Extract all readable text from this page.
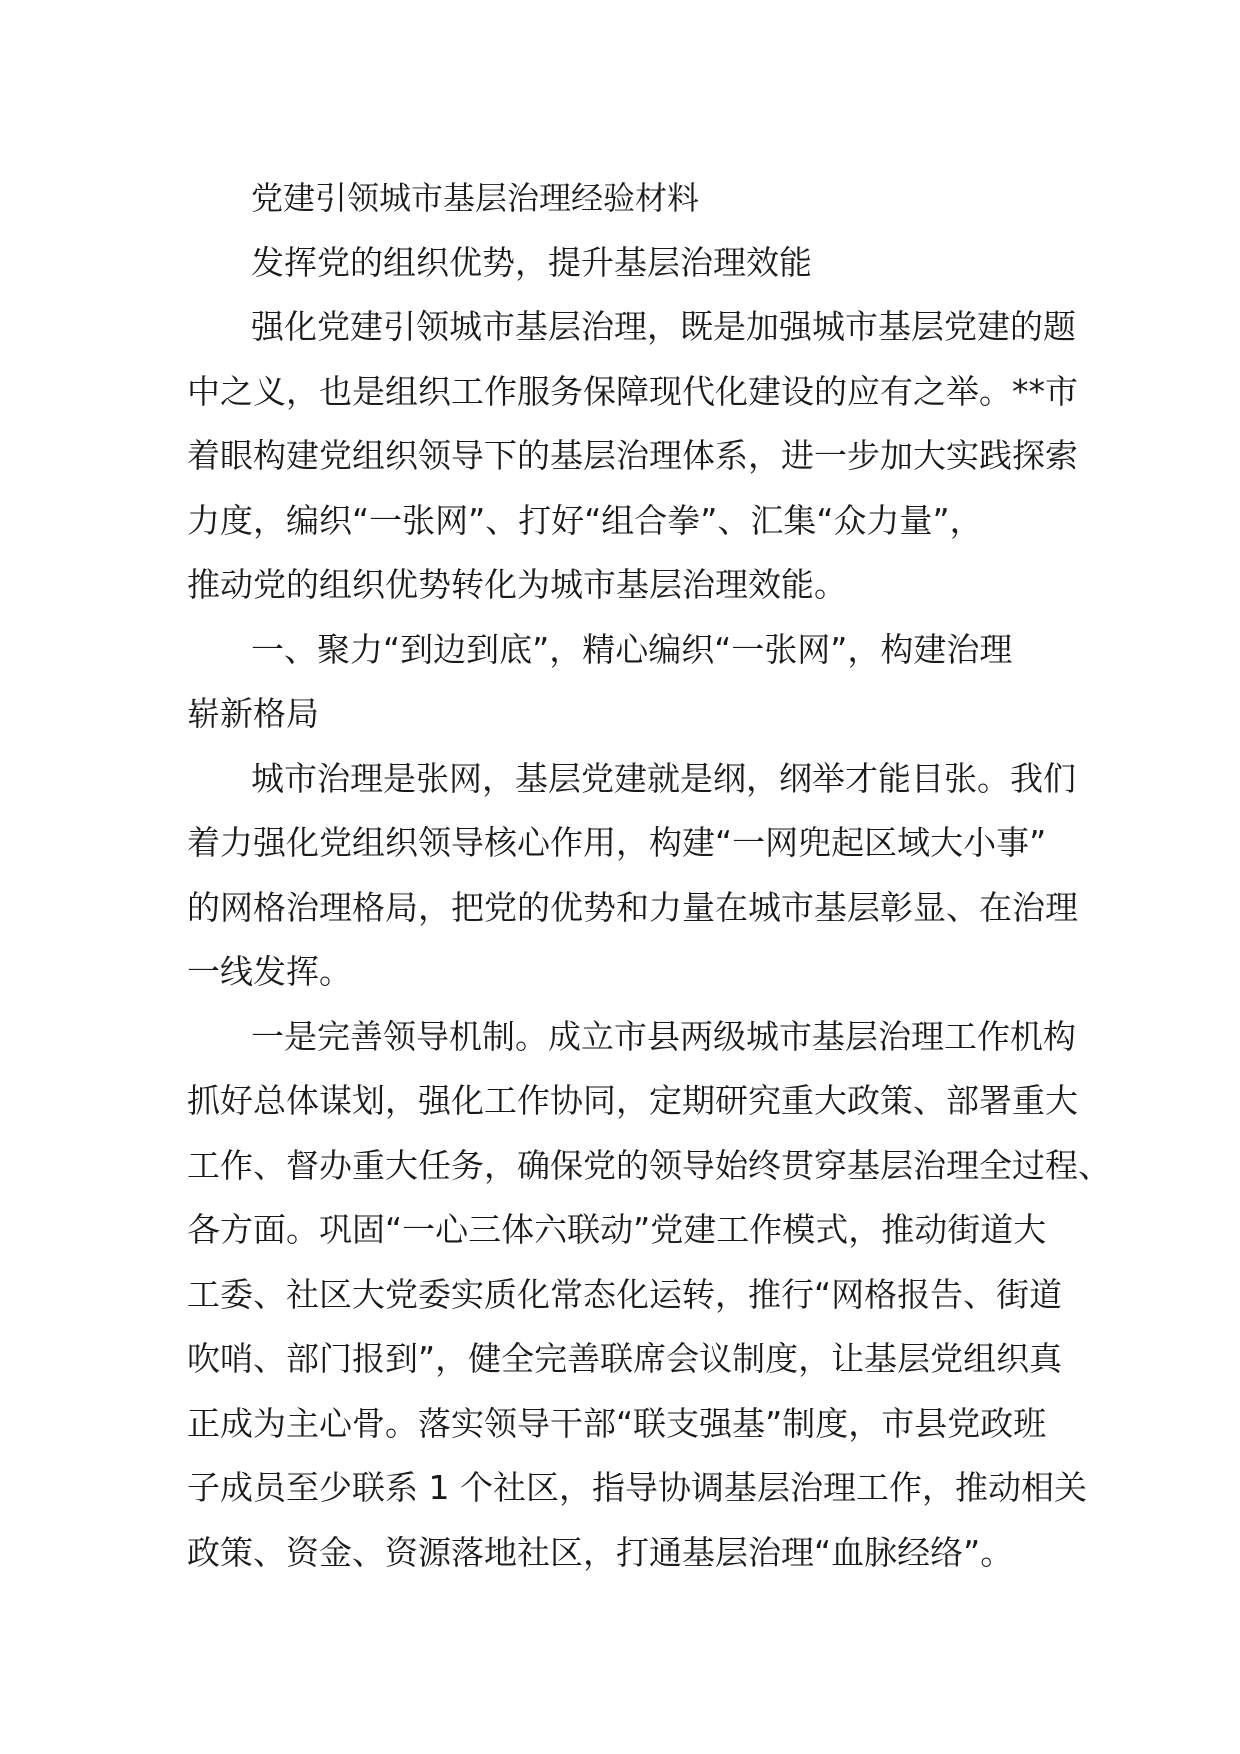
党建引领城市基层治理经验材料
发挥党的组织优势，提升基层治理效能
强化党建引领城市基层治理，既是加强城市基层党建的题
中之义，也是组织工作服务保障现代化建设的应有之举。**市
着眼构建党组织领导下的基层治理体系，进一步加大实践探索
力度，编织“一张网”、打好“组合拳”、汇集“众力量”，
推动党的组织优势转化为城市基层治理效能。
一、聚力“到边到底”，精心编织“一张网”，构建治理
崭新格局
城市治理是张网，基层党建就是纲，纲举才能目张。我们
着力强化党组织领导核心作用，构建“一网兜起区域大小事”
的网格治理格局，把党的优势和力量在城市基层彰显、在治理
一线发挥。
一是完善领导机制。成立市县两级城市基层治理工作机构
抓好总体谋划，强化工作协同，定期研究重大政策、部署重大
工作、督办重大任务，确保党的领导始终贯穿基层治理全过程、
各方面。巩固“一心三体六联动”党建工作模式，推动街道大
工委、社区大党委实质化常态化运转，推行“网格报告、街道
吹哨、部门报到”，健全完善联席会议制度，让基层党组织真
正成为主心骨。落实领导干部“联支强基”制度，市县党政班
子成员至少联系 1 个社区，指导协调基层治理工作，推动相关
政策、资金、资源落地社区，打通基层治理“血脉经络”。
